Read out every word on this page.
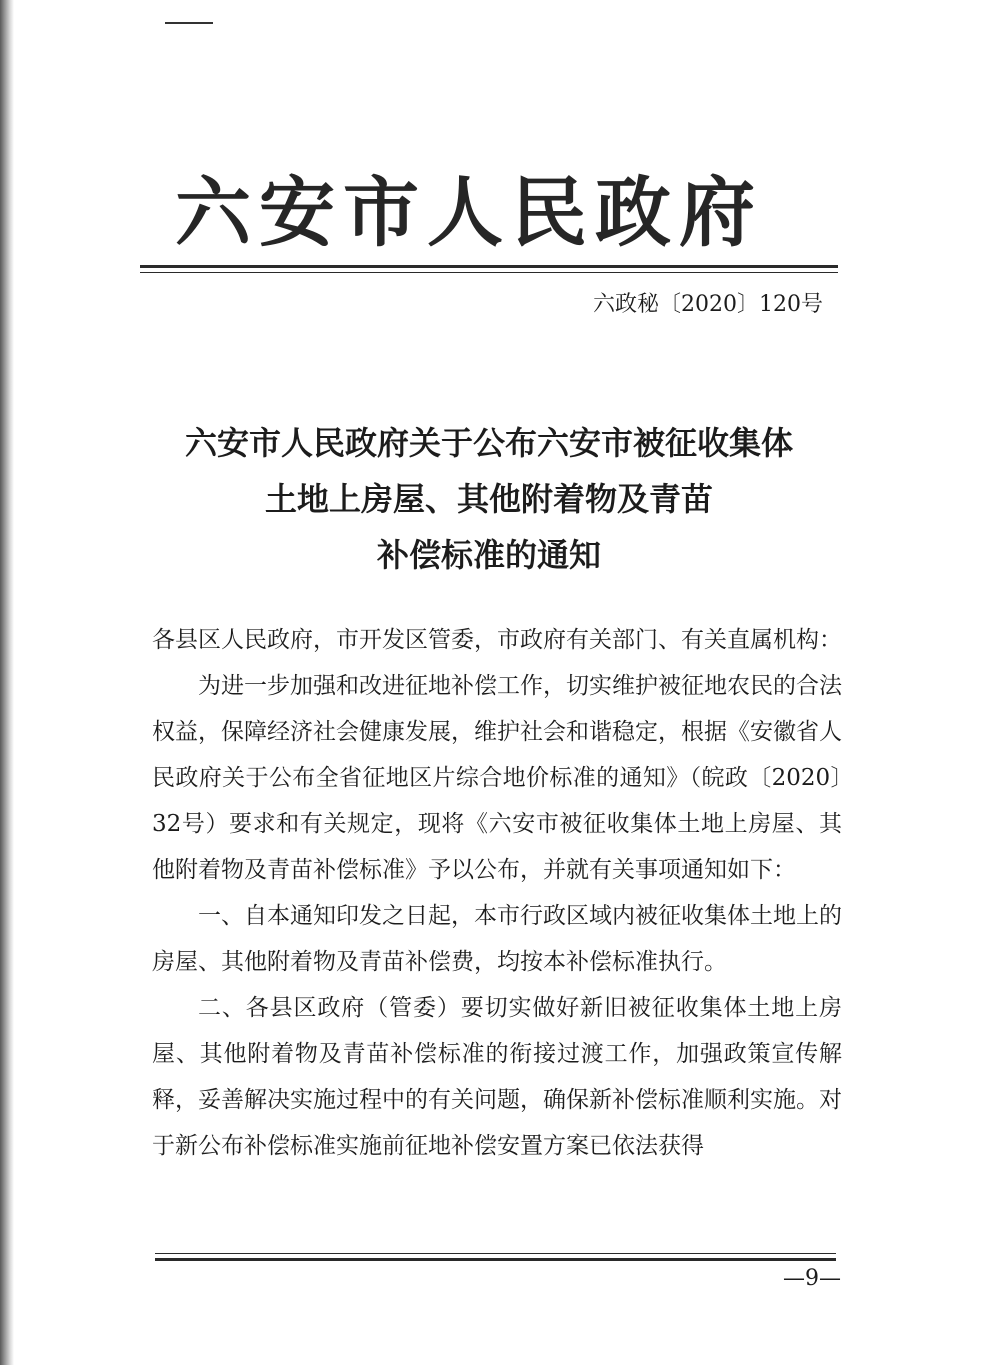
六安市人民政府
六政秘〔2020〕120号
六安市人民政府关于公布六安市被征收集体
土地上房屋、其他附着物及青苗
补偿标准的通知
各县区人民政府，市开发区管委，市政府有关部门、有关直属机构：
为进一步加强和改进征地补偿工作，切实维护被征地农民的合法权益，保障经济社会健康发展，维护社会和谐稳定，根据《安徽省人民政府关于公布全省征地区片综合地价标准的通知》（皖政〔2020〕32号）要求和有关规定，现将《六安市被征收集体土地上房屋、其他附着物及青苗补偿标准》予以公布，并就有关事项通知如下：
一、自本通知印发之日起，本市行政区域内被征收集体土地上的房屋、其他附着物及青苗补偿费，均按本补偿标准执行。
二、各县区政府（管委）要切实做好新旧被征收集体土地上房屋、其他附着物及青苗补偿标准的衔接过渡工作，加强政策宣传解释，妥善解决实施过程中的有关问题，确保新补偿标准顺利实施。对于新公布补偿标准实施前征地补偿安置方案已依法获得
—9—
